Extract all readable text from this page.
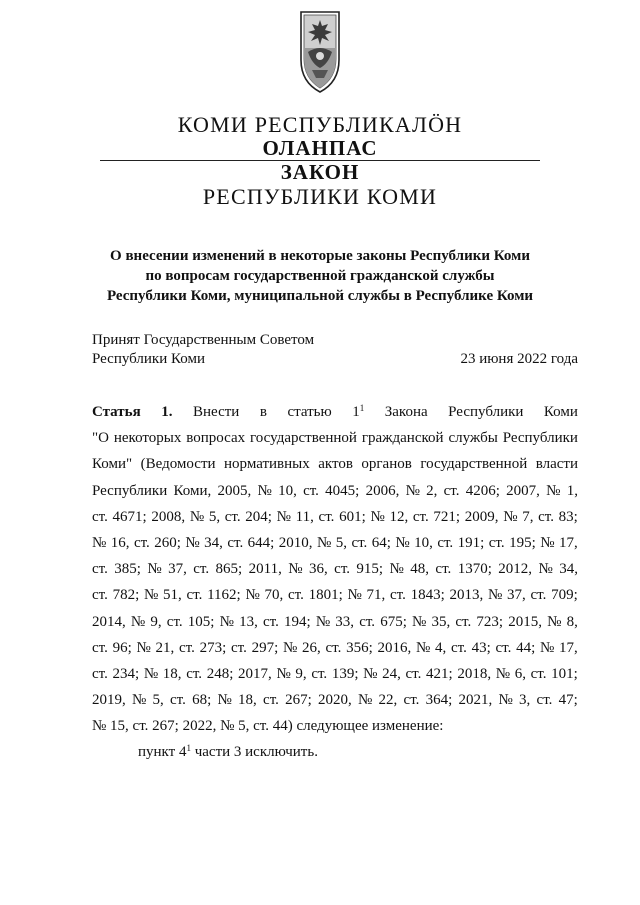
КОМИ РЕСПУБЛИКАЛӦН
ОЛАНПАС
ЗАКОН
РЕСПУБЛИКИ КОМИ
О внесении изменений в некоторые законы Республики Коми
по вопросам государственной гражданской службы
Республики Коми, муниципальной службы в Республике Коми
Принят Государственным Советом
Республики Коми	23 июня 2022 года
Статья 1. Внести в статью $1^1$ Закона Республики Коми
"О некоторых вопросах государственной гражданской службы Республики
Коми" (Ведомости нормативных актов органов государственной власти
Республики Коми, 2005, № 10, ст. 4045; 2006, № 2, ст. 4206; 2007, № 1,
ст. 4671; 2008, № 5, ст. 204; № 11, ст. 601; № 12, ст. 721; 2009, № 7, ст. 83;
№ 16, ст. 260; № 34, ст. 644; 2010, № 5, ст. 64; № 10, ст. 191; ст. 195; № 17,
ст. 385; № 37, ст. 865; 2011, № 36, ст. 915; № 48, ст. 1370; 2012, № 34,
ст. 782; № 51, ст. 1162; № 70, ст. 1801; № 71, ст. 1843; 2013, № 37, ст. 709;
2014, № 9, ст. 105; № 13, ст. 194; № 33, ст. 675; № 35, ст. 723; 2015, № 8,
ст. 96; № 21, ст. 273; ст. 297; № 26, ст. 356; 2016, № 4, ст. 43; ст. 44; № 17,
ст. 234; № 18, ст. 248; 2017, № 9, ст. 139; № 24, ст. 421; 2018, № 6, ст. 101;
2019, № 5, ст. 68; № 18, ст. 267; 2020, № 22, ст. 364; 2021, № 3, ст. 47;
№ 15, ст. 267; 2022, № 5, ст. 44) следующее изменение:
пункт $4^1$ части 3 исключить.
